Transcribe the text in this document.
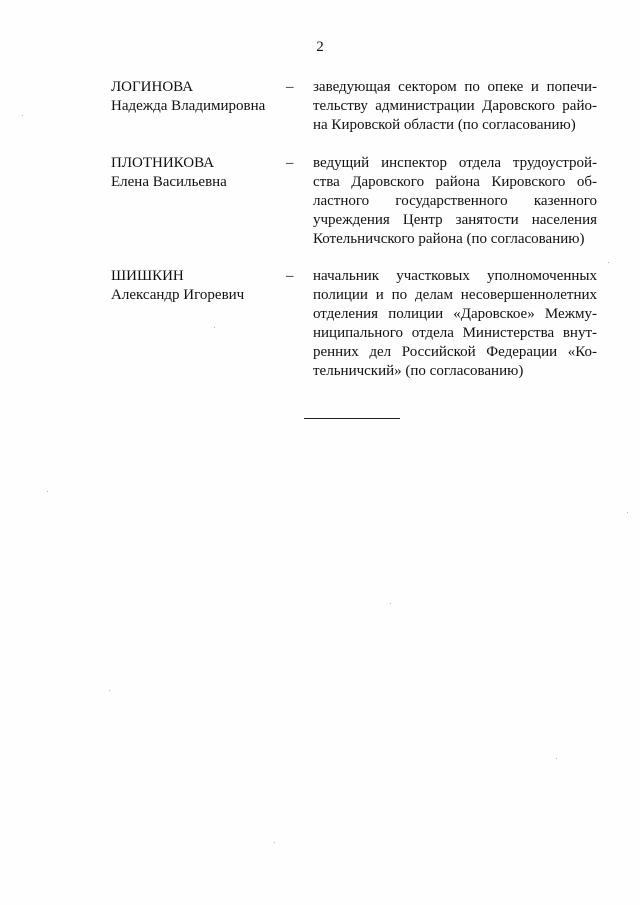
2
ЛОГИНОВА
Надежда Владимировна
–	заведующая сектором по опеке и попечи-
тельству администрации Даровского райо-
на Кировской области (по согласованию)
ПЛОТНИКОВА
Елена Васильевна
–	ведущий инспектор отдела трудоустрой-
ства Даровского района Кировского об-
ластного государственного казенного
учреждения Центр занятости населения
Котельничского района (по согласованию)
ШИШКИН
Александр Игоревич
–	начальник участковых уполномоченных
полиции и по делам несовершеннолетних
отделения полиции «Даровское» Межму-
ниципального отдела Министерства внут-
ренних дел Российской Федерации «Ко-
тельничский» (по согласованию)
